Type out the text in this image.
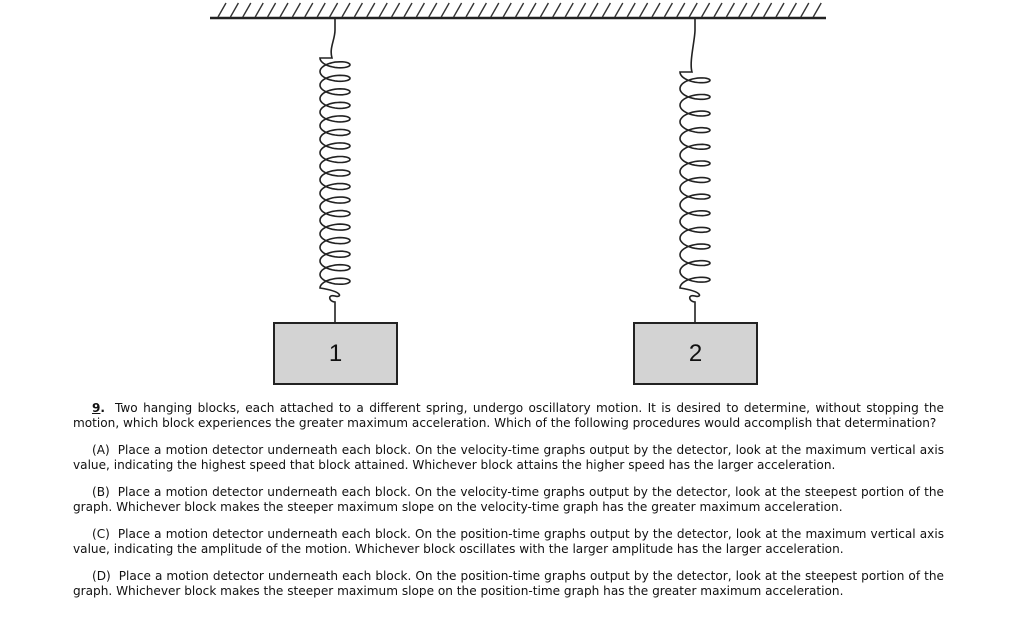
1	2

9. Two hanging blocks, each attached to a different spring, undergo oscillatory motion. It is desired to determine, without stopping the motion, which block experiences the greater maximum acceleration. Which of the following procedures would accomplish that determination?

(A) Place a motion detector underneath each block. On the velocity-time graphs output by the detector, look at the maximum vertical axis value, indicating the highest speed that block attained. Whichever block attains the higher speed has the larger acceleration.

(B) Place a motion detector underneath each block. On the velocity-time graphs output by the detector, look at the steepest portion of the graph. Whichever block makes the steeper maximum slope on the velocity-time graph has the greater maximum acceleration.

(C) Place a motion detector underneath each block. On the position-time graphs output by the detector, look at the maximum vertical axis value, indicating the amplitude of the motion. Whichever block oscillates with the larger amplitude has the larger acceleration.

(D) Place a motion detector underneath each block. On the position-time graphs output by the detector, look at the steepest portion of the graph. Whichever block makes the steeper maximum slope on the position-time graph has the greater maximum acceleration.
